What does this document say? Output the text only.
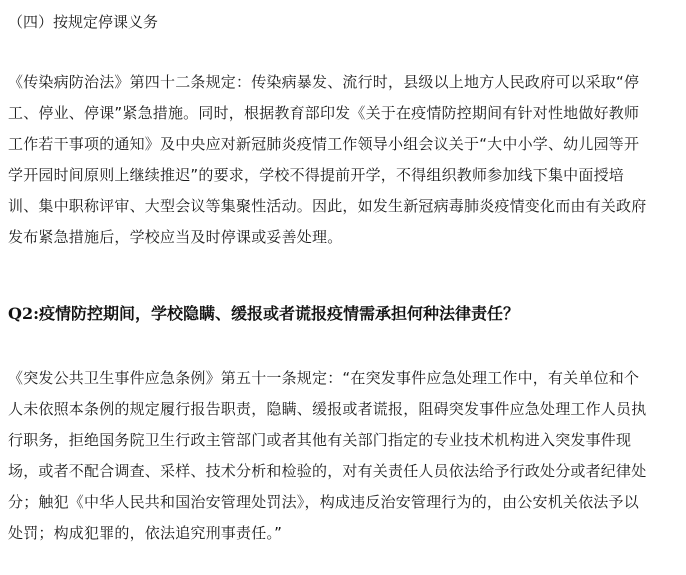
（四）按规定停课义务
《传染病防治法》第四十二条规定：传染病暴发、流行时，县级以上地方人民政府可以采取“停
工、停业、停课”紧急措施。同时，根据教育部印发《关于在疫情防控期间有针对性地做好教师
工作若干事项的通知》及中央应对新冠肺炎疫情工作领导小组会议关于“大中小学、幼儿园等开
学开园时间原则上继续推迟”的要求，学校不得提前开学，不得组织教师参加线下集中面授培
训、集中职称评审、大型会议等集聚性活动。因此，如发生新冠病毒肺炎疫情变化而由有关政府
发布紧急措施后，学校应当及时停课或妥善处理。
Q2:疫情防控期间，学校隐瞒、缓报或者谎报疫情需承担何种法律责任？
《突发公共卫生事件应急条例》第五十一条规定：“在突发事件应急处理工作中，有关单位和个
人未依照本条例的规定履行报告职责，隐瞒、缓报或者谎报，阻碍突发事件应急处理工作人员执
行职务，拒绝国务院卫生行政主管部门或者其他有关部门指定的专业技术机构进入突发事件现
场，或者不配合调查、采样、技术分析和检验的，对有关责任人员依法给予行政处分或者纪律处
分；触犯《中华人民共和国治安管理处罚法》，构成违反治安管理行为的，由公安机关依法予以
处罚；构成犯罪的，依法追究刑事责任。”
